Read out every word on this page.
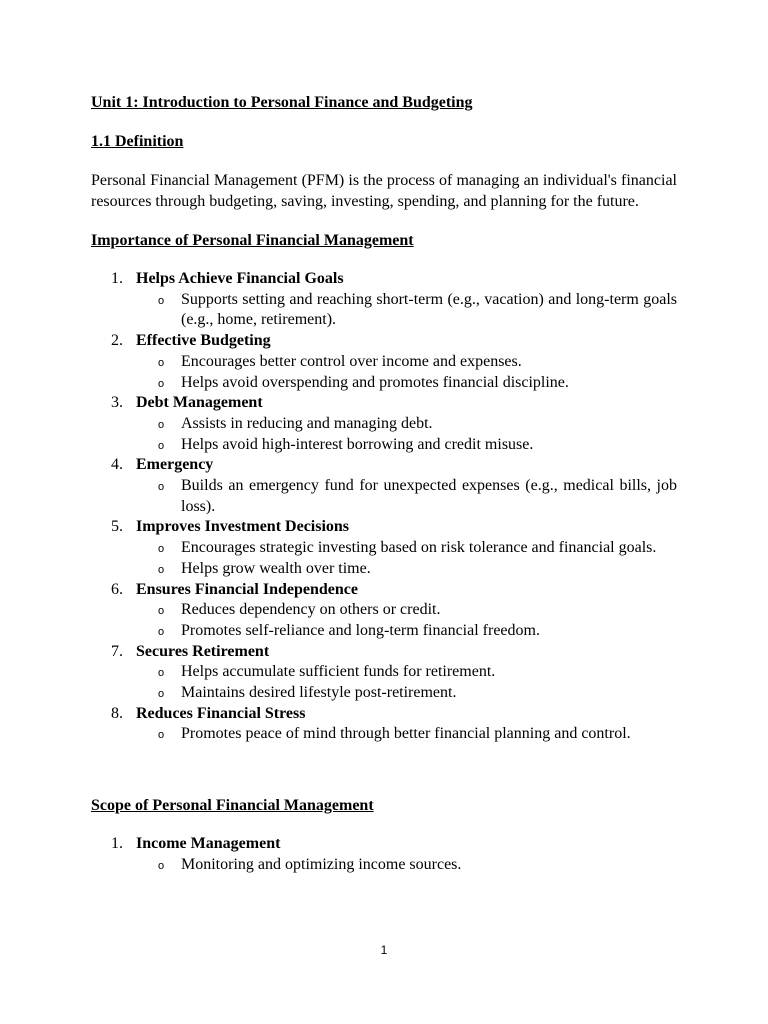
Unit 1: Introduction to Personal Finance and Budgeting

1.1 Definition

Personal Financial Management (PFM) is the process of managing an individual's financial resources through budgeting, saving, investing, spending, and planning for the future.

Importance of Personal Financial Management

1. Helps Achieve Financial Goals
o Supports setting and reaching short-term (e.g., vacation) and long-term goals (e.g., home, retirement).
2. Effective Budgeting
o Encourages better control over income and expenses.
o Helps avoid overspending and promotes financial discipline.
3. Debt Management
o Assists in reducing and managing debt.
o Helps avoid high-interest borrowing and credit misuse.
4. Emergency
o Builds an emergency fund for unexpected expenses (e.g., medical bills, job loss).
5. Improves Investment Decisions
o Encourages strategic investing based on risk tolerance and financial goals.
o Helps grow wealth over time.
6. Ensures Financial Independence
o Reduces dependency on others or credit.
o Promotes self-reliance and long-term financial freedom.
7. Secures Retirement
o Helps accumulate sufficient funds for retirement.
o Maintains desired lifestyle post-retirement.
8. Reduces Financial Stress
o Promotes peace of mind through better financial planning and control.

Scope of Personal Financial Management

1. Income Management
o Monitoring and optimizing income sources.
1
